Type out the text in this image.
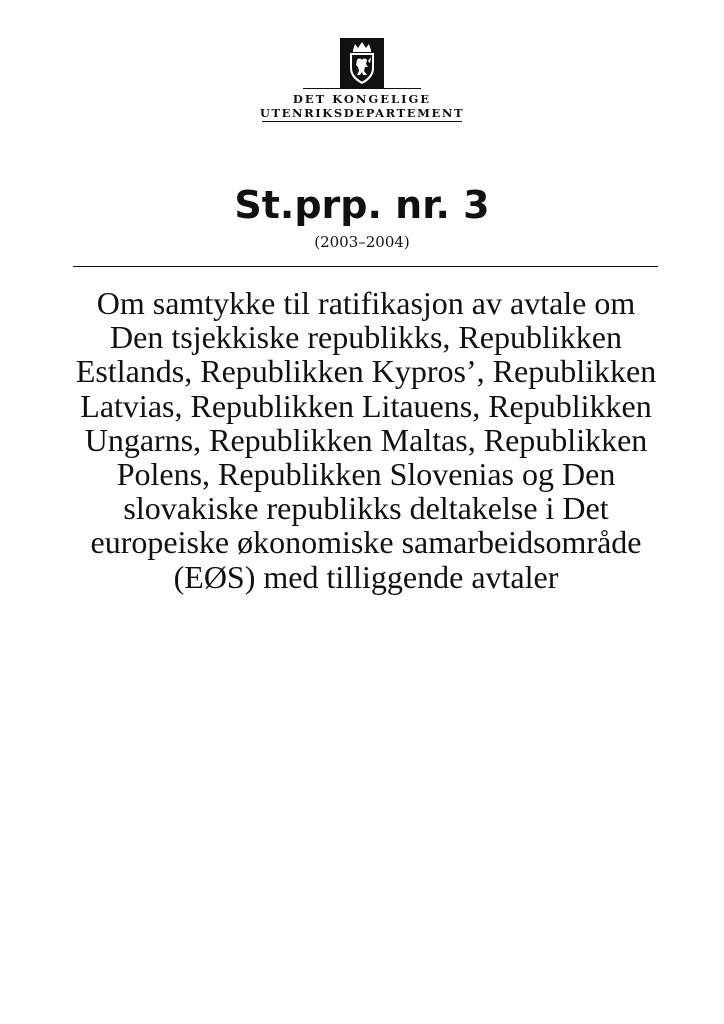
DET KONGELIGE
UTENRIKSDEPARTEMENT
St.prp. nr. 3
(2003–2004)
Om samtykke til ratifikasjon av avtale om Den tsjekkiske republikks, Republikken Estlands, Republikken Kypros’, Republikken Latvias, Republikken Litauens, Republikken Ungarns, Republikken Maltas, Republikken Polens, Republikken Slovenias og Den slovakiske republikks deltakelse i Det europeiske økonomiske samarbeidsområde (EØS) med tilliggende avtaler
